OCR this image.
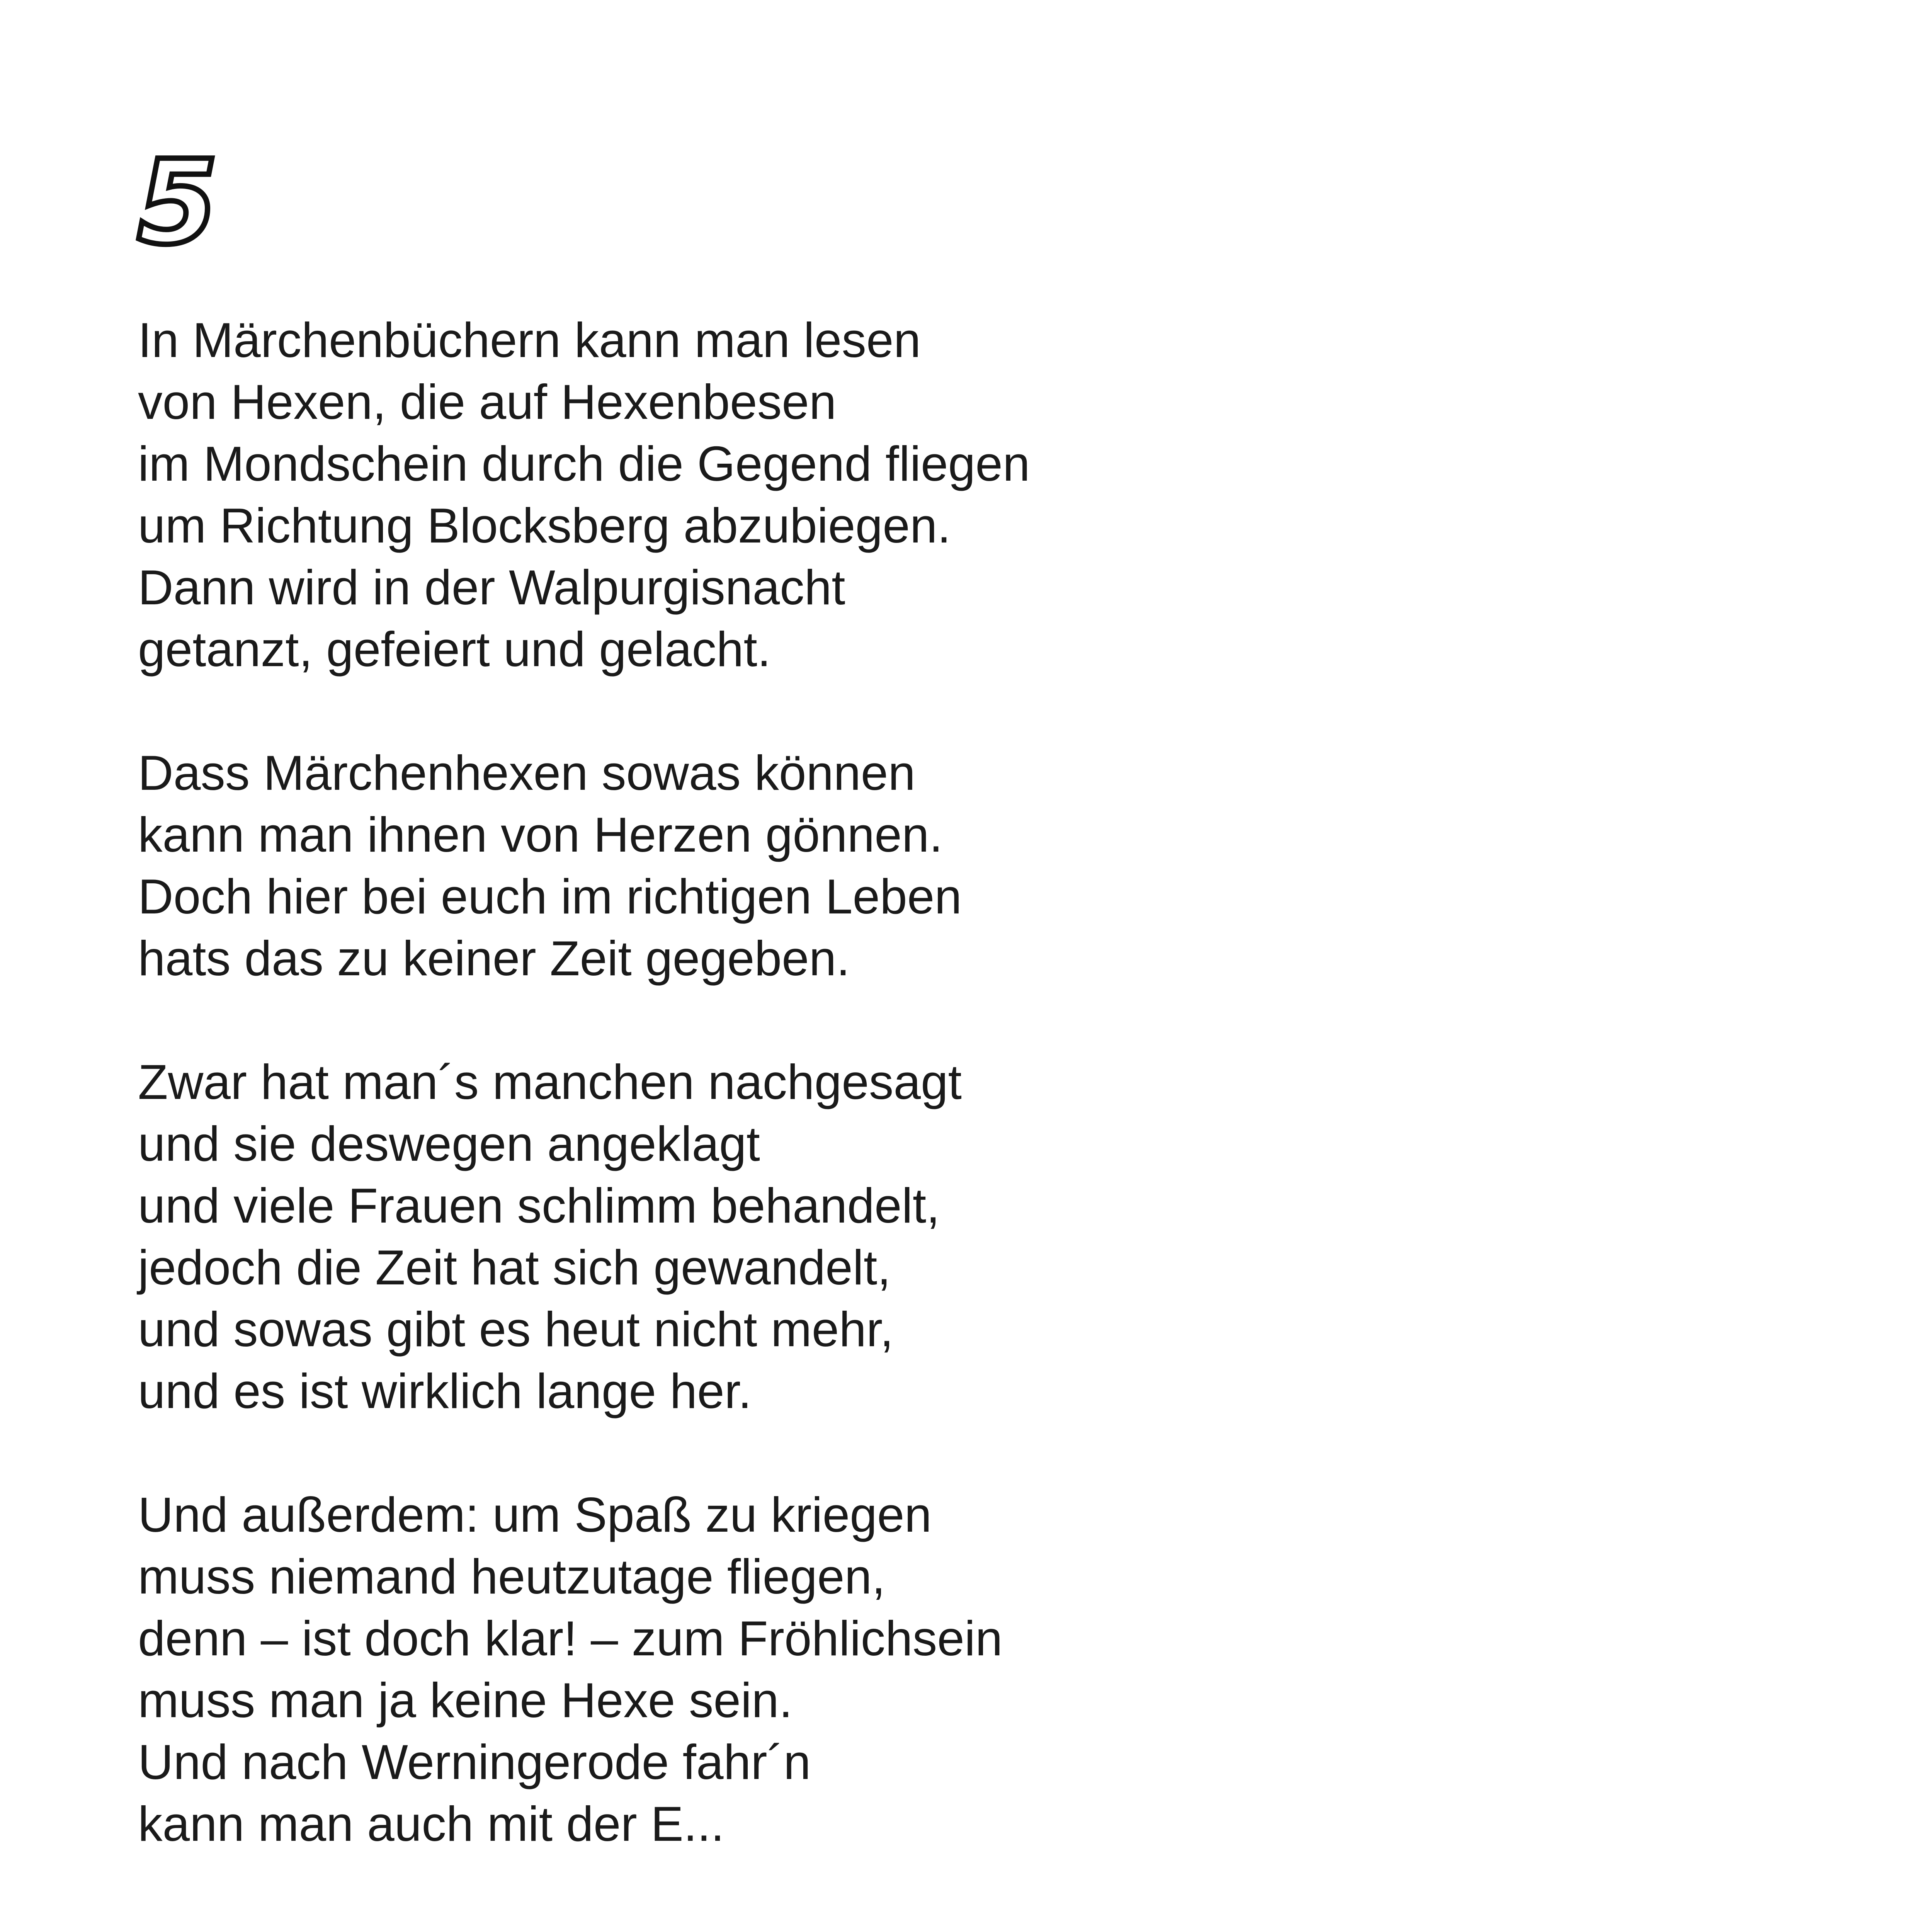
5
In Märchenbüchern kann man lesen
von Hexen, die auf Hexenbesen
im Mondschein durch die Gegend fliegen
um Richtung Blocksberg abzubiegen.
Dann wird in der Walpurgisnacht
getanzt, gefeiert und gelacht.
Dass Märchenhexen sowas können
kann man ihnen von Herzen gönnen.
Doch hier bei euch im richtigen Leben
hats das zu keiner Zeit gegeben.
Zwar hat man´s manchen nachgesagt
und sie deswegen angeklagt
und viele Frauen schlimm behandelt,
jedoch die Zeit hat sich gewandelt,
und sowas gibt es heut nicht mehr,
und es ist wirklich lange her.
Und außerdem: um Spaß zu kriegen
muss niemand heutzutage fliegen,
denn – ist doch klar! – zum Fröhlichsein
muss man ja keine Hexe sein.
Und nach Werningerode fahr´n
kann man auch mit der E...
